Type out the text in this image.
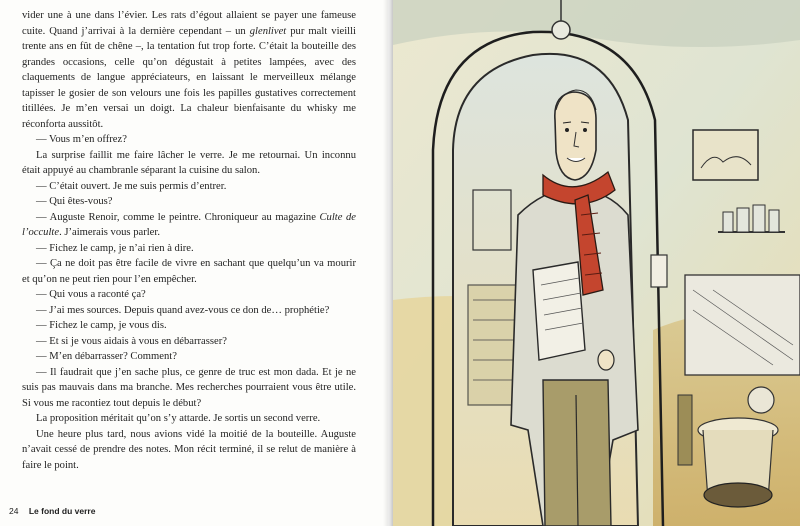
vider une à une dans l’évier. Les rats d’égout allaient se payer une fameuse cuite. Quand j’arrivai à la dernière cependant – un glenlivet pur malt vieilli trente ans en fût de chêne –, la tentation fut trop forte. C’était la bouteille des grandes occasions, celle qu’on dégustait à petites lampées, avec des claquements de langue appréciateurs, en laissant le merveilleux mélange tapisser le gosier de son velours une fois les papilles gustatives correctement titillées. Je m’en versai un doigt. La chaleur bienfaisante du whisky me réconforta aussitôt.

— Vous m’en offrez?

La surprise faillit me faire lâcher le verre. Je me retournai. Un inconnu était appuyé au chambranle séparant la cuisine du salon.

— C’était ouvert. Je me suis permis d’entrer.

— Qui êtes-vous?

— Auguste Renoir, comme le peintre. Chroniqueur au magazine Culte de l’occulte. J’aimerais vous parler.

— Fichez le camp, je n’ai rien à dire.

— Ça ne doit pas être facile de vivre en sachant que quelqu’un va mourir et qu’on ne peut rien pour l’en empêcher.

— Qui vous a raconté ça?

— J’ai mes sources. Depuis quand avez-vous ce don de… prophétie?

— Fichez le camp, je vous dis.

— Et si je vous aidais à vous en débarrasser?

— M’en débarrasser? Comment?

— Il faudrait que j’en sache plus, ce genre de truc est mon dada. Et je ne suis pas mauvais dans ma branche. Mes recherches pourraient vous être utile. Si vous me racontiez tout depuis le début?

La proposition méritait qu’on s’y attarde. Je sortis un second verre.

Une heure plus tard, nous avions vidé la moitié de la bouteille. Auguste n’avait cessé de prendre des notes. Mon récit terminé, il se relut de manière à faire le point.

24 Le fond du verre
